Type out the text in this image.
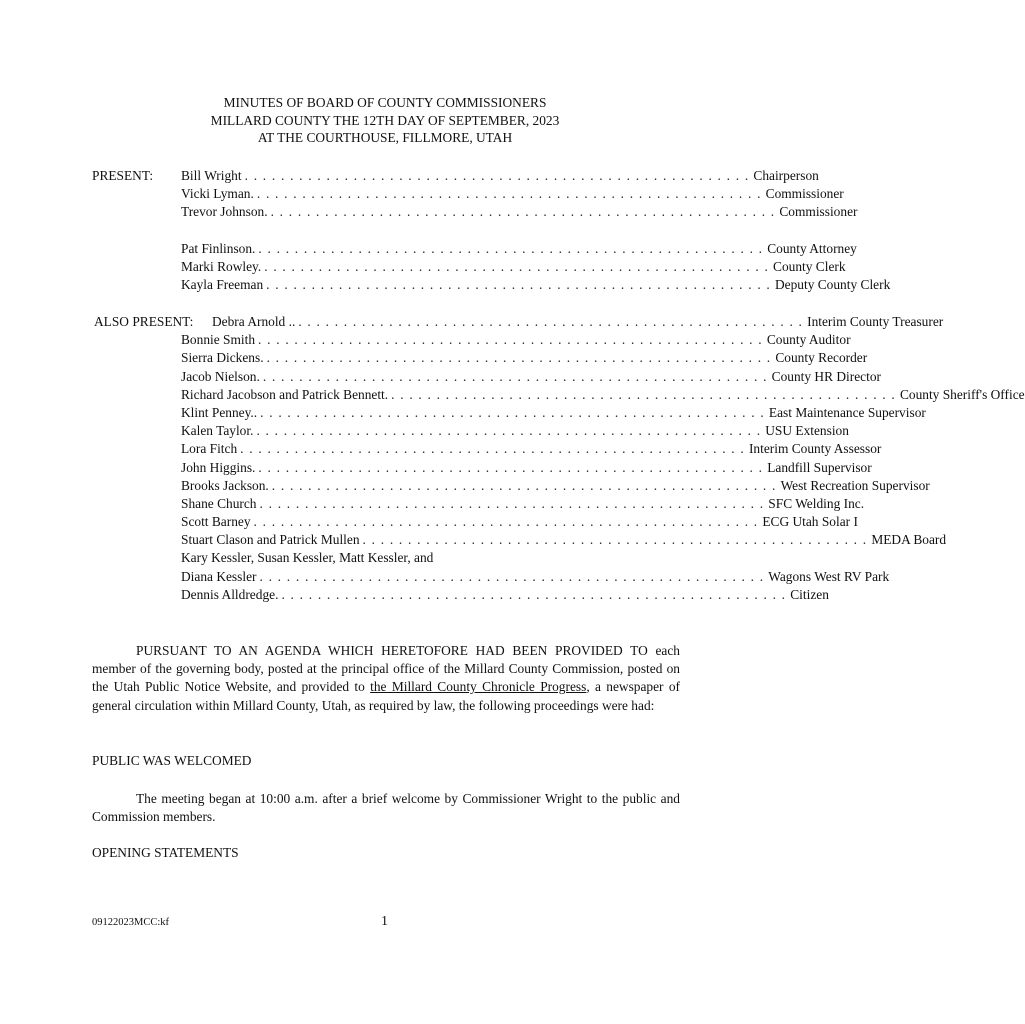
MINUTES OF BOARD OF COUNTY COMMISSIONERS
MILLARD COUNTY THE 12TH DAY OF SEPTEMBER, 2023
AT THE COURTHOUSE, FILLMORE, UTAH
PRESENT: Bill Wright . . . . . . . . . . . . . . . . . . . . . . . . . . . . . . . . . . . . . . . . . . . . . . . . . . . . . . . . Chairperson
Vicki Lyman. . . . . . . . . . . . . . . . . . . . . . . . . . . . . . . . . . . . . . . . . . . . . . . . . . . . . . . . . Commissioner
Trevor Johnson. . . . . . . . . . . . . . . . . . . . . . . . . . . . . . . . . . . . . . . . . . . . . . . . . . . . . . . . . Commissioner
Pat Finlinson. . . . . . . . . . . . . . . . . . . . . . . . . . . . . . . . . . . . . . . . . . . . . . . . . . . . . . . . . County Attorney
Marki Rowley. . . . . . . . . . . . . . . . . . . . . . . . . . . . . . . . . . . . . . . . . . . . . . . . . . . . . . . . . County Clerk
Kayla Freeman . . . . . . . . . . . . . . . . . . . . . . . . . . . . . . . . . . . . . . . . . . . . . . . . . . . . . . . . Deputy County Clerk
ALSO PRESENT: Debra Arnold .. . . . . . . . . . . . . . . . . . . . . . . . . . . . . . . . . . . . . . . . . . . . . . . . . . . . . . . . . Interim County Treasurer
Bonnie Smith . . . . . . . . . . . . . . . . . . . . . . . . . . . . . . . . . . . . . . . . . . . . . . . . . . . . . . . . County Auditor
Sierra Dickens. . . . . . . . . . . . . . . . . . . . . . . . . . . . . . . . . . . . . . . . . . . . . . . . . . . . . . . . . County Recorder
Jacob Nielson. . . . . . . . . . . . . . . . . . . . . . . . . . . . . . . . . . . . . . . . . . . . . . . . . . . . . . . . . County HR Director
Richard Jacobson and Patrick Bennett. . . . . . . . . . . . . . . . . . . . . . . . . . . . . . . . . . . . . . . . . . . . . . . . . . . . . . . . . County Sheriff's Office
Klint Penney.. . . . . . . . . . . . . . . . . . . . . . . . . . . . . . . . . . . . . . . . . . . . . . . . . . . . . . . . . East Maintenance Supervisor
Kalen Taylor. . . . . . . . . . . . . . . . . . . . . . . . . . . . . . . . . . . . . . . . . . . . . . . . . . . . . . . . . USU Extension
Lora Fitch . . . . . . . . . . . . . . . . . . . . . . . . . . . . . . . . . . . . . . . . . . . . . . . . . . . . . . . . Interim County Assessor
John Higgins. . . . . . . . . . . . . . . . . . . . . . . . . . . . . . . . . . . . . . . . . . . . . . . . . . . . . . . . . Landfill Supervisor
Brooks Jackson. . . . . . . . . . . . . . . . . . . . . . . . . . . . . . . . . . . . . . . . . . . . . . . . . . . . . . . . . West Recreation Supervisor
Shane Church . . . . . . . . . . . . . . . . . . . . . . . . . . . . . . . . . . . . . . . . . . . . . . . . . . . . . . . . SFC Welding Inc.
Scott Barney . . . . . . . . . . . . . . . . . . . . . . . . . . . . . . . . . . . . . . . . . . . . . . . . . . . . . . . . ECG Utah Solar I
Stuart Clason and Patrick Mullen . . . . . . . . . . . . . . . . . . . . . . . . . . . . . . . . . . . . . . . . . . . . . . . . . . . . . . . . MEDA Board
Kary Kessler, Susan Kessler, Matt Kessler, and
Diana Kessler . . . . . . . . . . . . . . . . . . . . . . . . . . . . . . . . . . . . . . . . . . . . . . . . . . . . . . . . Wagons West RV Park
Dennis Alldredge. . . . . . . . . . . . . . . . . . . . . . . . . . . . . . . . . . . . . . . . . . . . . . . . . . . . . . . . . Citizen
PURSUANT TO AN AGENDA WHICH HERETOFORE HAD BEEN PROVIDED TO each member of the governing body, posted at the principal office of the Millard County Commission, posted on the Utah Public Notice Website, and provided to the Millard County Chronicle Progress, a newspaper of general circulation within Millard County, Utah, as required by law, the following proceedings were had:
PUBLIC WAS WELCOMED
The meeting began at 10:00 a.m. after a brief welcome by Commissioner Wright to the public and Commission members.
OPENING STATEMENTS
09122023MCC:kf	1
